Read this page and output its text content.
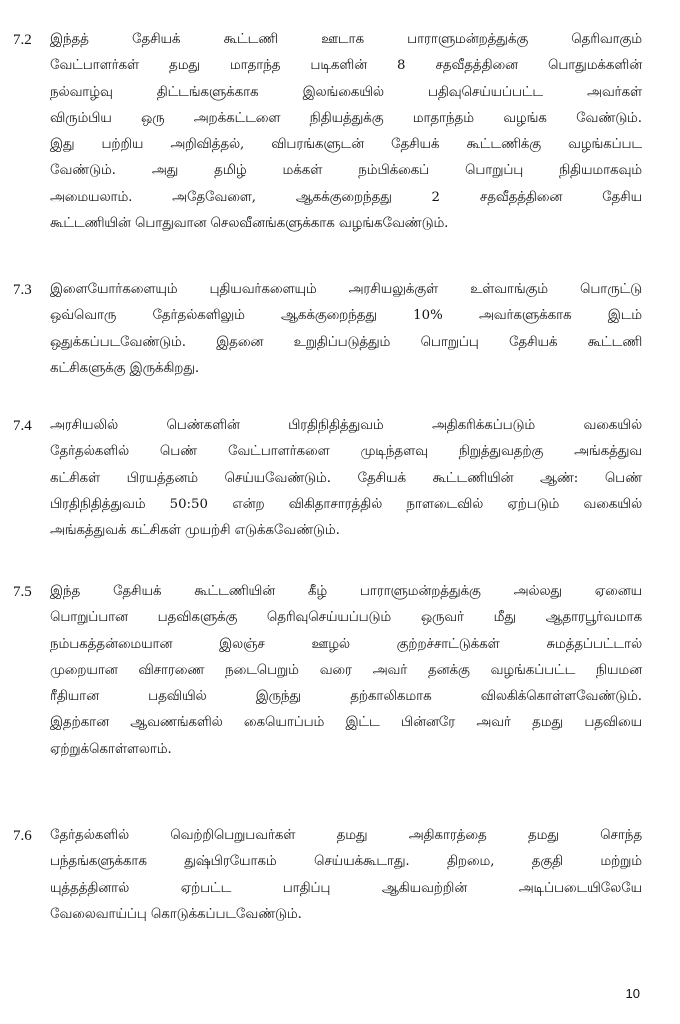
7.2 இந்தத் தேசியக் கூட்டணி ஊடாக பாராளுமன்றத்துக்கு தெரிவாகும்
வேட்பாளர்கள் தமது மாதாந்த படிகளின் 8 சதவீதத்தினை பொதுமக்களின்
நல்வாழ்வு திட்டங்களுக்காக இலங்கையில் பதிவுசெய்யப்பட்ட அவர்கள்
விரும்பிய ஒரு அறக்கட்டளை நிதியத்துக்கு மாதாந்தம் வழங்க வேண்டும்.
இது பற்றிய அறிவித்தல், விபரங்களுடன் தேசியக் கூட்டணிக்கு வழங்கப்பட
வேண்டும். அது தமிழ் மக்கள் நம்பிக்கைப் பொறுப்பு நிதியமாகவும்
அமையலாம். அதேவேளை, ஆகக்குறைந்தது 2 சதவீதத்தினை தேசிய
கூட்டணியின் பொதுவான செலவீனங்களுக்காக வழங்கவேண்டும்.
7.3 இளையோர்களையும் புதியவர்களையும் அரசியலுக்குள் உள்வாங்கும் பொருட்டு
ஒவ்வொரு தேர்தல்களிலும் ஆகக்குறைந்தது 10% அவர்களுக்காக இடம்
ஒதுக்கப்படவேண்டும். இதனை உறுதிப்படுத்தும் பொறுப்பு தேசியக் கூட்டணி
கட்சிகளுக்கு இருக்கிறது.
7.4 அரசியலில் பெண்களின் பிரதிநிதித்துவம் அதிகரிக்கப்படும் வகையில்
தேர்தல்களில் பெண் வேட்பாளர்களை முடிந்தளவு நிறுத்துவதற்கு அங்கத்துவ
கட்சிகள் பிரயத்தனம் செய்யவேண்டும். தேசியக் கூட்டணியின் ஆண்: பெண்
பிரதிநிதித்துவம் 50:50 என்ற விகிதாசாரத்தில் நாளடைவில் ஏற்படும் வகையில்
அங்கத்துவக் கட்சிகள் முயற்சி எடுக்கவேண்டும்.
7.5 இந்த தேசியக் கூட்டணியின் கீழ் பாராளுமன்றத்துக்கு அல்லது ஏனைய
பொறுப்பான பதவிகளுக்கு தெரிவுசெய்யப்படும் ஒருவர் மீது ஆதாரபூர்வமாக
நம்பகத்தன்மையான இலஞ்ச ஊழல் குற்றச்சாட்டுக்கள் சுமத்தப்பட்டால்
முறையான விசாரணை நடைபெறும் வரை அவர் தனக்கு வழங்கப்பட்ட நியமன
ரீதியான பதவியில் இருந்து தற்காலிகமாக விலகிக்கொள்ளவேண்டும்.
இதற்கான ஆவணங்களில் கையொப்பம் இட்ட பின்னரே அவர் தமது பதவியை
ஏற்றுக்கொள்ளலாம்.
7.6 தேர்தல்களில் வெற்றிபெறுபவர்கள் தமது அதிகாரத்தை தமது சொந்த
பந்தங்களுக்காக துஷ்பிரயோகம் செய்யக்கூடாது. திறமை, தகுதி மற்றும்
யுத்தத்தினால் ஏற்பட்ட பாதிப்பு ஆகியவற்றின் அடிப்படையிலேயே
வேலைவாய்ப்பு கொடுக்கப்படவேண்டும்.
10
